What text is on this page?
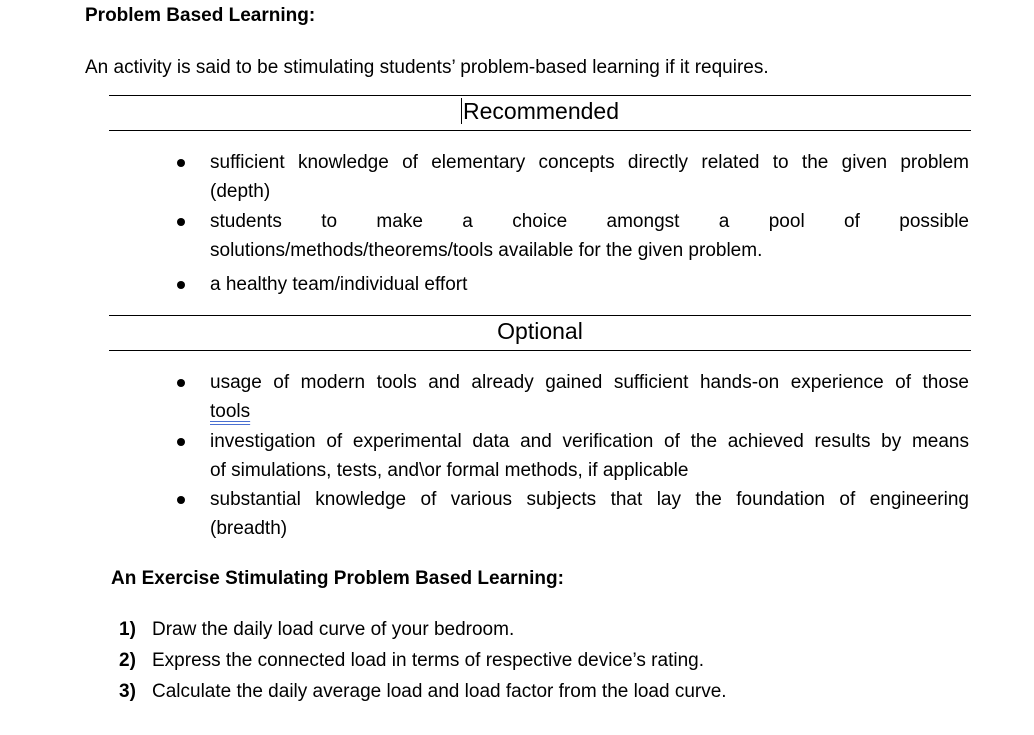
Problem Based Learning:
An activity is said to be stimulating students’ problem-based learning if it requires.
Recommended
sufficient knowledge of elementary concepts directly related to the given problem
(depth)
students to make a choice amongst a pool of possible
solutions/methods/theorems/tools available for the given problem.
a healthy team/individual effort
Optional
usage of modern tools and already gained sufficient hands-on experience of those
tools
investigation of experimental data and verification of the achieved results by means
of simulations, tests, and\or formal methods, if applicable
substantial knowledge of various subjects that lay the foundation of engineering
(breadth)
An Exercise Stimulating Problem Based Learning:
1) Draw the daily load curve of your bedroom.
2) Express the connected load in terms of respective device’s rating.
3) Calculate the daily average load and load factor from the load curve.
